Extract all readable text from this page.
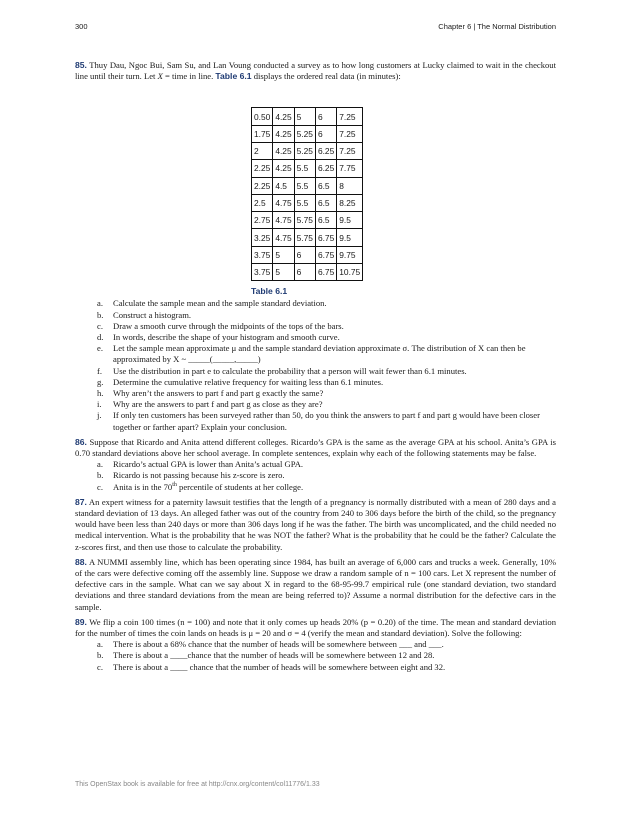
300	Chapter 6 | The Normal Distribution

85. Thuy Dau, Ngoc Bui, Sam Su, and Lan Voung conducted a survey as to how long customers at Lucky claimed to wait in the checkout line until their turn. Let X = time in line. Table 6.1 displays the ordered real data (in minutes):

0.50	4.25	5	6	7.25
1.75	4.25	5.25	6	7.25
2	4.25	5.25	6.25	7.25
2.25	4.25	5.5	6.25	7.75
2.25	4.5	5.5	6.5	8
2.5	4.75	5.5	6.5	8.25
2.75	4.75	5.75	6.5	9.5
3.25	4.75	5.75	6.75	9.5
3.75	5	6	6.75	9.75
3.75	5	6	6.75	10.75
Table 6.1
a. Calculate the sample mean and the sample standard deviation.
b. Construct a histogram.
c. Draw a smooth curve through the midpoints of the tops of the bars.
d. In words, describe the shape of your histogram and smooth curve.
e. Let the sample mean approximate μ and the sample standard deviation approximate σ. The distribution of X can then be approximated by X ~ _____(_____,_____)
f. Use the distribution in part e to calculate the probability that a person will wait fewer than 6.1 minutes.
g. Determine the cumulative relative frequency for waiting less than 6.1 minutes.
h. Why aren’t the answers to part f and part g exactly the same?
i. Why are the answers to part f and part g as close as they are?
j. If only ten customers has been surveyed rather than 50, do you think the answers to part f and part g would have been closer together or farther apart? Explain your conclusion.

86. Suppose that Ricardo and Anita attend different colleges. Ricardo’s GPA is the same as the average GPA at his school. Anita’s GPA is 0.70 standard deviations above her school average. In complete sentences, explain why each of the following statements may be false.

a. Ricardo’s actual GPA is lower than Anita’s actual GPA.
b. Ricardo is not passing because his z-score is zero.
c. Anita is in the 70th percentile of students at her college.

87. An expert witness for a paternity lawsuit testifies that the length of a pregnancy is normally distributed with a mean of 280 days and a standard deviation of 13 days. An alleged father was out of the country from 240 to 306 days before the birth of the child, so the pregnancy would have been less than 240 days or more than 306 days long if he was the father. The birth was uncomplicated, and the child needed no medical intervention. What is the probability that he was NOT the father? What is the probability that he could be the father? Calculate the z-scores first, and then use those to calculate the probability.

88. A NUMMI assembly line, which has been operating since 1984, has built an average of 6,000 cars and trucks a week. Generally, 10% of the cars were defective coming off the assembly line. Suppose we draw a random sample of n = 100 cars. Let X represent the number of defective cars in the sample. What can we say about X in regard to the 68-95-99.7 empirical rule (one standard deviation, two standard deviations and three standard deviations from the mean are being referred to)? Assume a normal distribution for the defective cars in the sample.

89. We flip a coin 100 times (n = 100) and note that it only comes up heads 20% (p = 0.20) of the time. The mean and standard deviation for the number of times the coin lands on heads is μ = 20 and σ = 4 (verify the mean and standard deviation). Solve the following:

a. There is about a 68% chance that the number of heads will be somewhere between ___ and ___.
b. There is about a ____chance that the number of heads will be somewhere between 12 and 28.
c. There is about a ____ chance that the number of heads will be somewhere between eight and 32.
This OpenStax book is available for free at http://cnx.org/content/col11776/1.33
